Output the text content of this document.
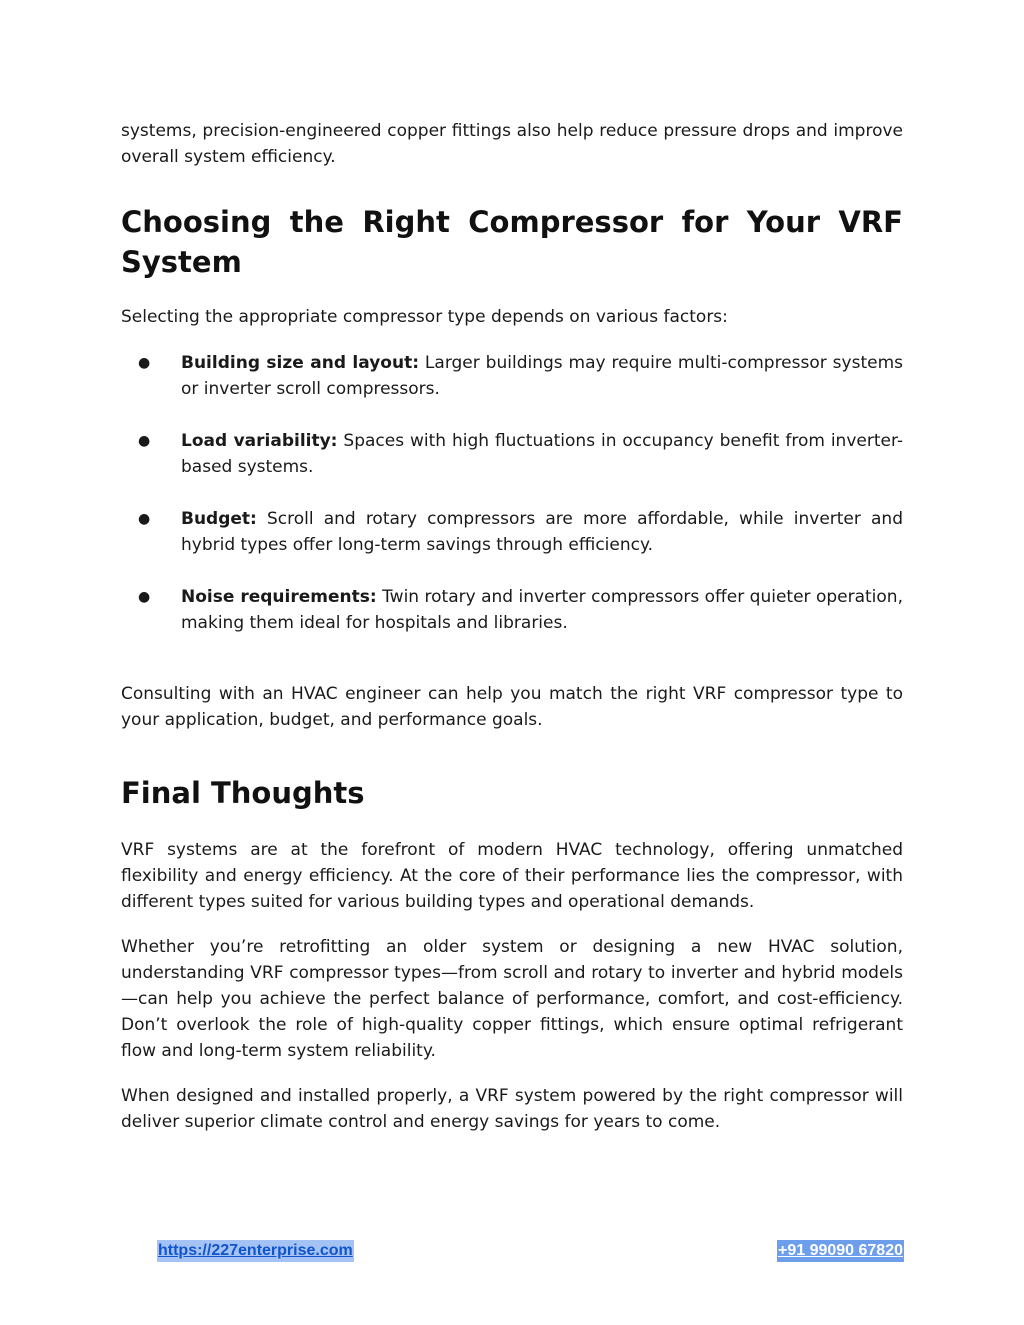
systems, precision-engineered copper fittings also help reduce pressure drops and improve overall system efficiency.

Choosing the Right Compressor for Your VRF System

Selecting the appropriate compressor type depends on various factors:

● Building size and layout: Larger buildings may require multi-compressor systems or inverter scroll compressors.
● Load variability: Spaces with high fluctuations in occupancy benefit from inverter-based systems.
● Budget: Scroll and rotary compressors are more affordable, while inverter and hybrid types offer long-term savings through efficiency.
● Noise requirements: Twin rotary and inverter compressors offer quieter operation, making them ideal for hospitals and libraries.

Consulting with an HVAC engineer can help you match the right VRF compressor type to your application, budget, and performance goals.

Final Thoughts

VRF systems are at the forefront of modern HVAC technology, offering unmatched flexibility and energy efficiency. At the core of their performance lies the compressor, with different types suited for various building types and operational demands.

Whether you’re retrofitting an older system or designing a new HVAC solution, understanding VRF compressor types—from scroll and rotary to inverter and hybrid models—can help you achieve the perfect balance of performance, comfort, and cost-efficiency. Don’t overlook the role of high-quality copper fittings, which ensure optimal refrigerant flow and long-term system reliability.

When designed and installed properly, a VRF system powered by the right compressor will deliver superior climate control and energy savings for years to come.

https://227enterprise.com	+91 99090 67820
